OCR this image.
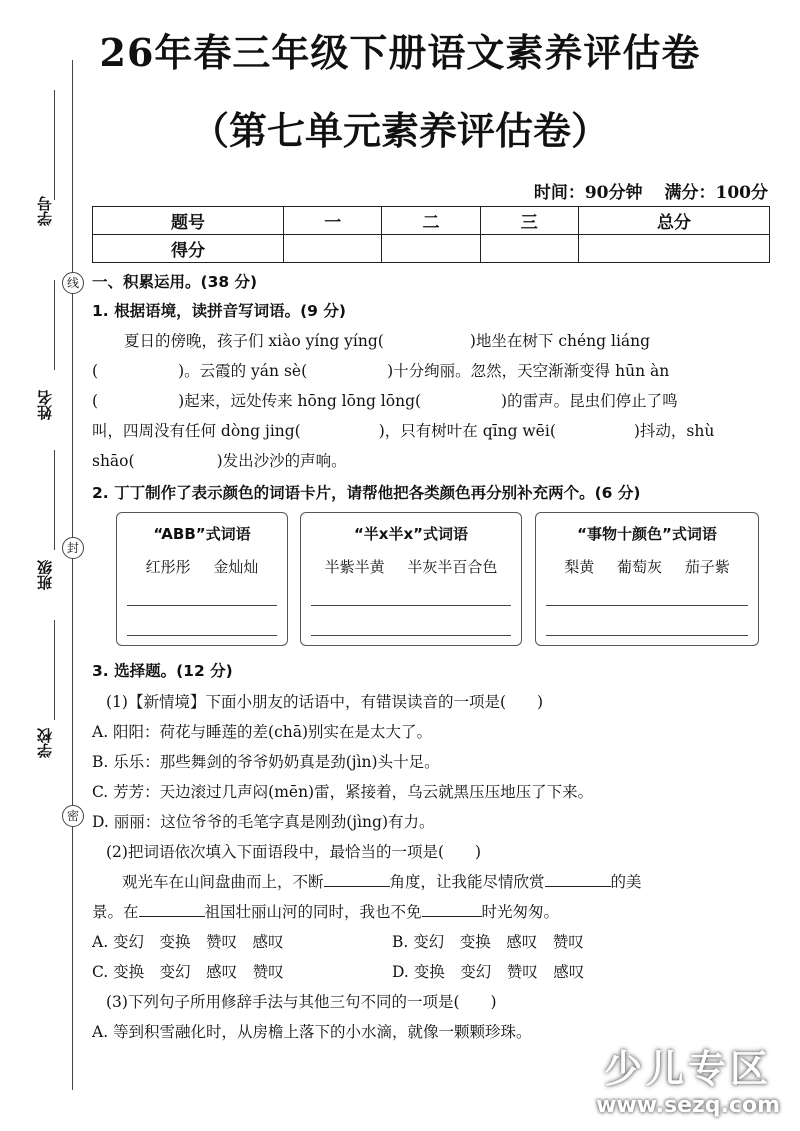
26年春三年级下册语文素养评估卷
（第七单元素养评估卷）
时间：90分钟 满分：100分
题号	一	二	三	总分
得分				
学号
姓名
班级
学校
线
封
密
一、积累运用。(38 分)
1. 根据语境，读拼音写词语。(9 分)
夏日的傍晚，孩子们 xiào yíng yíng(	)地坐在树下 chéng liáng
(	)。云霞的 yán sè(	)十分绚丽。忽然，天空渐渐变得 hūn àn
(	)起来，远处传来 hōng lōng lōng(	)的雷声。昆虫们停止了鸣
叫，四周没有任何 dòng jing(	)，只有树叶在 qīng wēi(	)抖动，shù
shāo(	)发出沙沙的声响。
2. 丁丁制作了表示颜色的词语卡片，请帮他把各类颜色再分别补充两个。(6 分)
“ABB”式词语
红彤彤 金灿灿
“半x半x”式词语
半紫半黄 半灰半百合色
“事物十颜色”式词语
梨黄 葡萄灰 茄子紫
3. 选择题。(12 分)
(1)【新情境】下面小朋友的话语中，有错误读音的一项是(　　)
A. 阳阳：荷花与睡莲的差(chā)别实在是太大了。
B. 乐乐：那些舞剑的爷爷奶奶真是劲(jìn)头十足。
C. 芳芳：天边滚过几声闷(mēn)雷，紧接着，乌云就黑压压地压了下来。
D. 丽丽：这位爷爷的毛笔字真是刚劲(jìng)有力。
(2)把词语依次填入下面语段中，最恰当的一项是(　　)
观光车在山间盘曲而上，不断	角度，让我能尽情欣赏	的美
景。在	祖国壮丽山河的同时，我也不免	时光匆匆。
A. 变幻　变换　赞叹　感叹	B. 变幻　变换　感叹　赞叹
C. 变换　变幻　感叹　赞叹	D. 变换　变幻　赞叹　感叹
(3)下列句子所用修辞手法与其他三句不同的一项是(　　)
A. 等到积雪融化时，从房檐上落下的小水滴，就像一颗颗珍珠。
少儿专区
www.sezq.com
